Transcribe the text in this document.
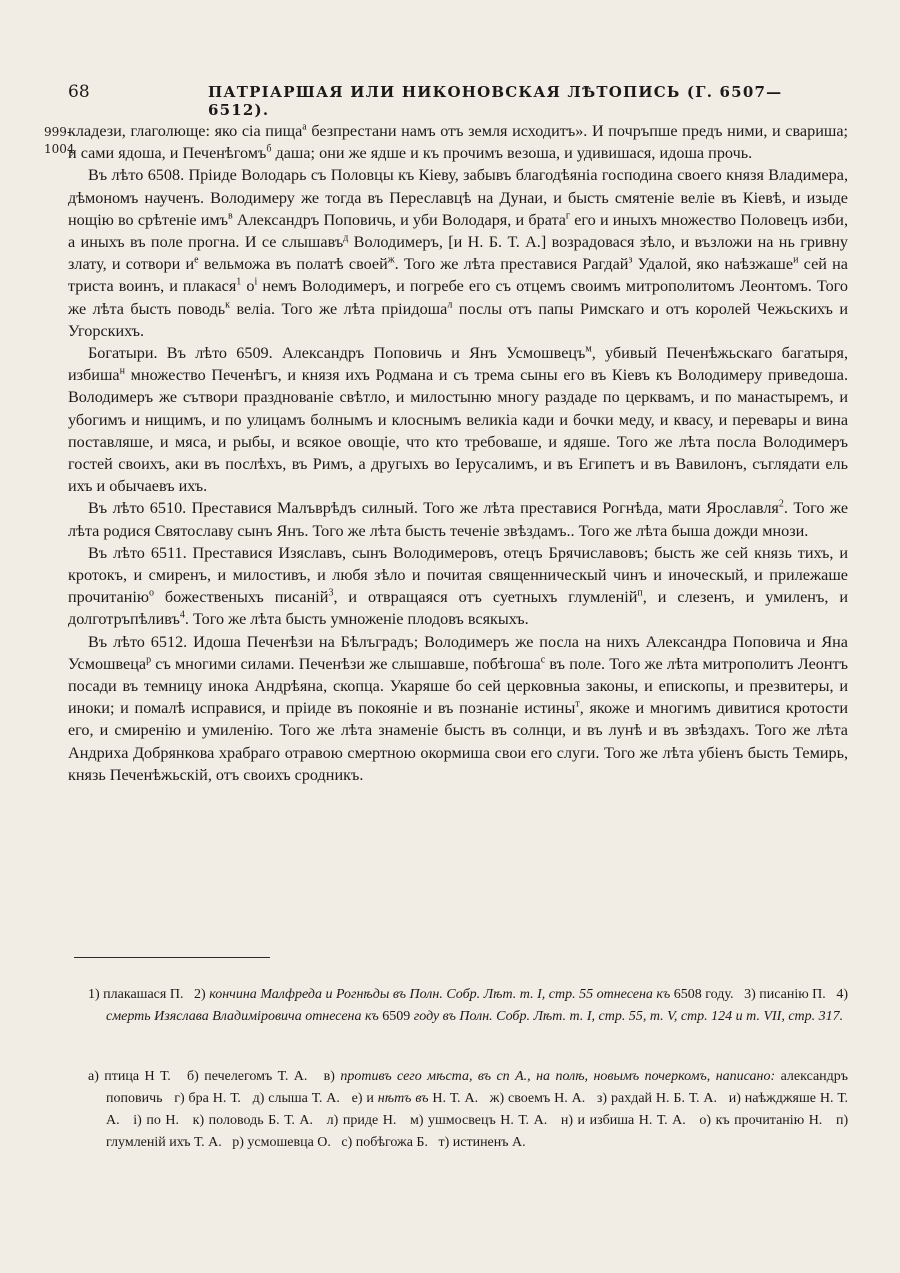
68	ПАТРІАРШАЯ ИЛИ НИКОНОВСКАЯ ЛѢТОПИСЬ (Г. 6507—6512).
999-
1004

кладези, глаголюще: яко сіа пища$^а$ безпрестани намъ отъ земля исходитъ». И почръпше предъ ними, и свариша; и сами ядоша, и Печенѣгомъ$^б$ даша; они же ядше и къ прочимъ везоша, и удивишася, идоша прочь.

Въ лѣто 6508. Пріиде Володарь съ Половцы къ Кіеву, забывъ благодѣяніа господина своего князя Владимера, дѣмономъ наученъ. Володимеру же тогда въ Переславцѣ на Дунаи, и бысть смятеніе веліе въ Кіевѣ, и изыде нощію во срѣтеніе имъ$^в$ Александръ Поповичь, и уби Володаря, и брата$^г$ его и иныхъ множество Половецъ изби, а иныхъ въ поле прогна. И се слышавъ$^д$ Володимеръ, [и Н. Б. Т. А.] возрадовася зѣло, и възложи на нь гривну злату, и сотвори $и^е$ вельможа въ полатѣ своей$^ж$. Того же лѣта преставися Рагдай$^з$ Удалой, яко наѣзжаше$^и$ сей на триста воинъ, и плакася$^1$ $о^і$ немъ Володимеръ, и погребе его съ отцемъ своимъ митрополитомъ Леонтомъ. Того же лѣта бысть поводь$^к$ веліа. Того же лѣта пріидоша$^л$ послы отъ папы Римскаго и отъ королей Чежьскихъ и Угорскихъ.

Богатыри. Въ лѣто 6509. Александръ Поповичь и Янъ Усмошвецъ$^м$, убивый Печенѣжьскаго багатыря, избиша$^н$ множество Печенѣгъ, и князя ихъ Родмана и съ трема сыны его въ Кіевъ къ Володимеру приведоша. Володимеръ же сътвори празднованіе свѣтло, и милостыню многу раздаде по церквамъ, и по манастыремъ, и убогимъ и нищимъ, и по улицамъ болнымъ и клоснымъ великіа кади и бочки меду, и квасу, и перевары и вина поставляше, и мяса, и рыбы, и всякое овощіе, что кто требоваше, и ядяше. Того же лѣта посла Володимеръ гостей своихъ, аки въ послѣхъ, въ Римъ, а другыхъ во Іерусалимъ, и въ Египетъ и въ Вавилонъ, съглядати ель ихъ и обычаевъ ихъ.

Въ лѣто 6510. Преставися Малъврѣдъ силный. Того же лѣта преставися Рогнѣда, мати Ярославля$^2$. Того же лѣта родися Святославу сынъ Янъ. Того же лѣта бысть теченіе звѣздамъ.. Того же лѣта быша дожди мнози.

Въ лѣто 6511. Преставися Изяславъ, сынъ Володимеровъ, отецъ Брячиславовъ; бысть же сей князь тихъ, и кротокъ, и смиренъ, и милостивъ, и любя зѣло и почитая священническый чинъ и иноческый, и прилежаше прочитанію$^о$ божественыхъ писаній$^3$, и отвращаяся отъ суетныхъ глумленій$^п$, и слезенъ, и умиленъ, и долготръпѣливъ$^4$. Того же лѣта бысть умноженіе плодовъ всякыхъ.

Въ лѣто 6512. Идоша Печенѣзи на Бѣлъградъ; Володимеръ же посла на нихъ Александра Поповича и Яна Усмошвеца$^р$ съ многими силами. Печенѣзи же слышавше, побѣгоша$^с$ въ поле. Того же лѣта митрополитъ Леонтъ посади въ темницу инока Андрѣяна, скопца. Укаряше бо сей церковныа законы, и епископы, и презвитеры, и иноки; и помалѣ исправися, и пріиде въ покояніе и въ познаніе истины$^т$, якоже и многимъ дивитися кротости его, и смиренію и умиленію. Того же лѣта знаменіе бысть въ солнци, и въ лунѣ и въ звѣздахъ. Того же лѣта Андриха Добрянкова храбраго отравою смертною окормиша свои его слуги. Того же лѣта убіенъ бысть Темирь, князь Печенѣжьскій, отъ своихъ сродникъ.

1) плакашася П. 2) кончина Малфреда и Рогнѣды въ Полн. Собр. Лѣт. т. I, стр. 55 отнесена къ 6508 году. 3) писанію П. 4) смерть Изяслава Владиміровича отнесена къ 6509 году въ Полн. Собр. Лѣт. т. I, стр. 55, т. V, стр. 124 и т. VII, стр. 317.

а) птица Н Т. б) печелегомъ Т. А. в) противъ сего мѣста, въ сп А., на полѣ, новымъ почеркомъ, написано: александръ поповичь г) бра Н. Т. д) слыша Т. А. е) и нѣтъ въ Н. Т. А. ж) своемъ Н. А. з) рахдай Н. Б. Т. А. и) наѣжджяше Н. Т. А. і) по Н. к) половодь Б. Т. А. л) приде Н. м) ушмосвецъ Н. Т. А. н) и избиша Н. Т. А. о) къ прочитанію Н. п) глумленій ихъ Т. А. р) усмошевца О. с) побѣгожа Б. т) истиненъ А.
